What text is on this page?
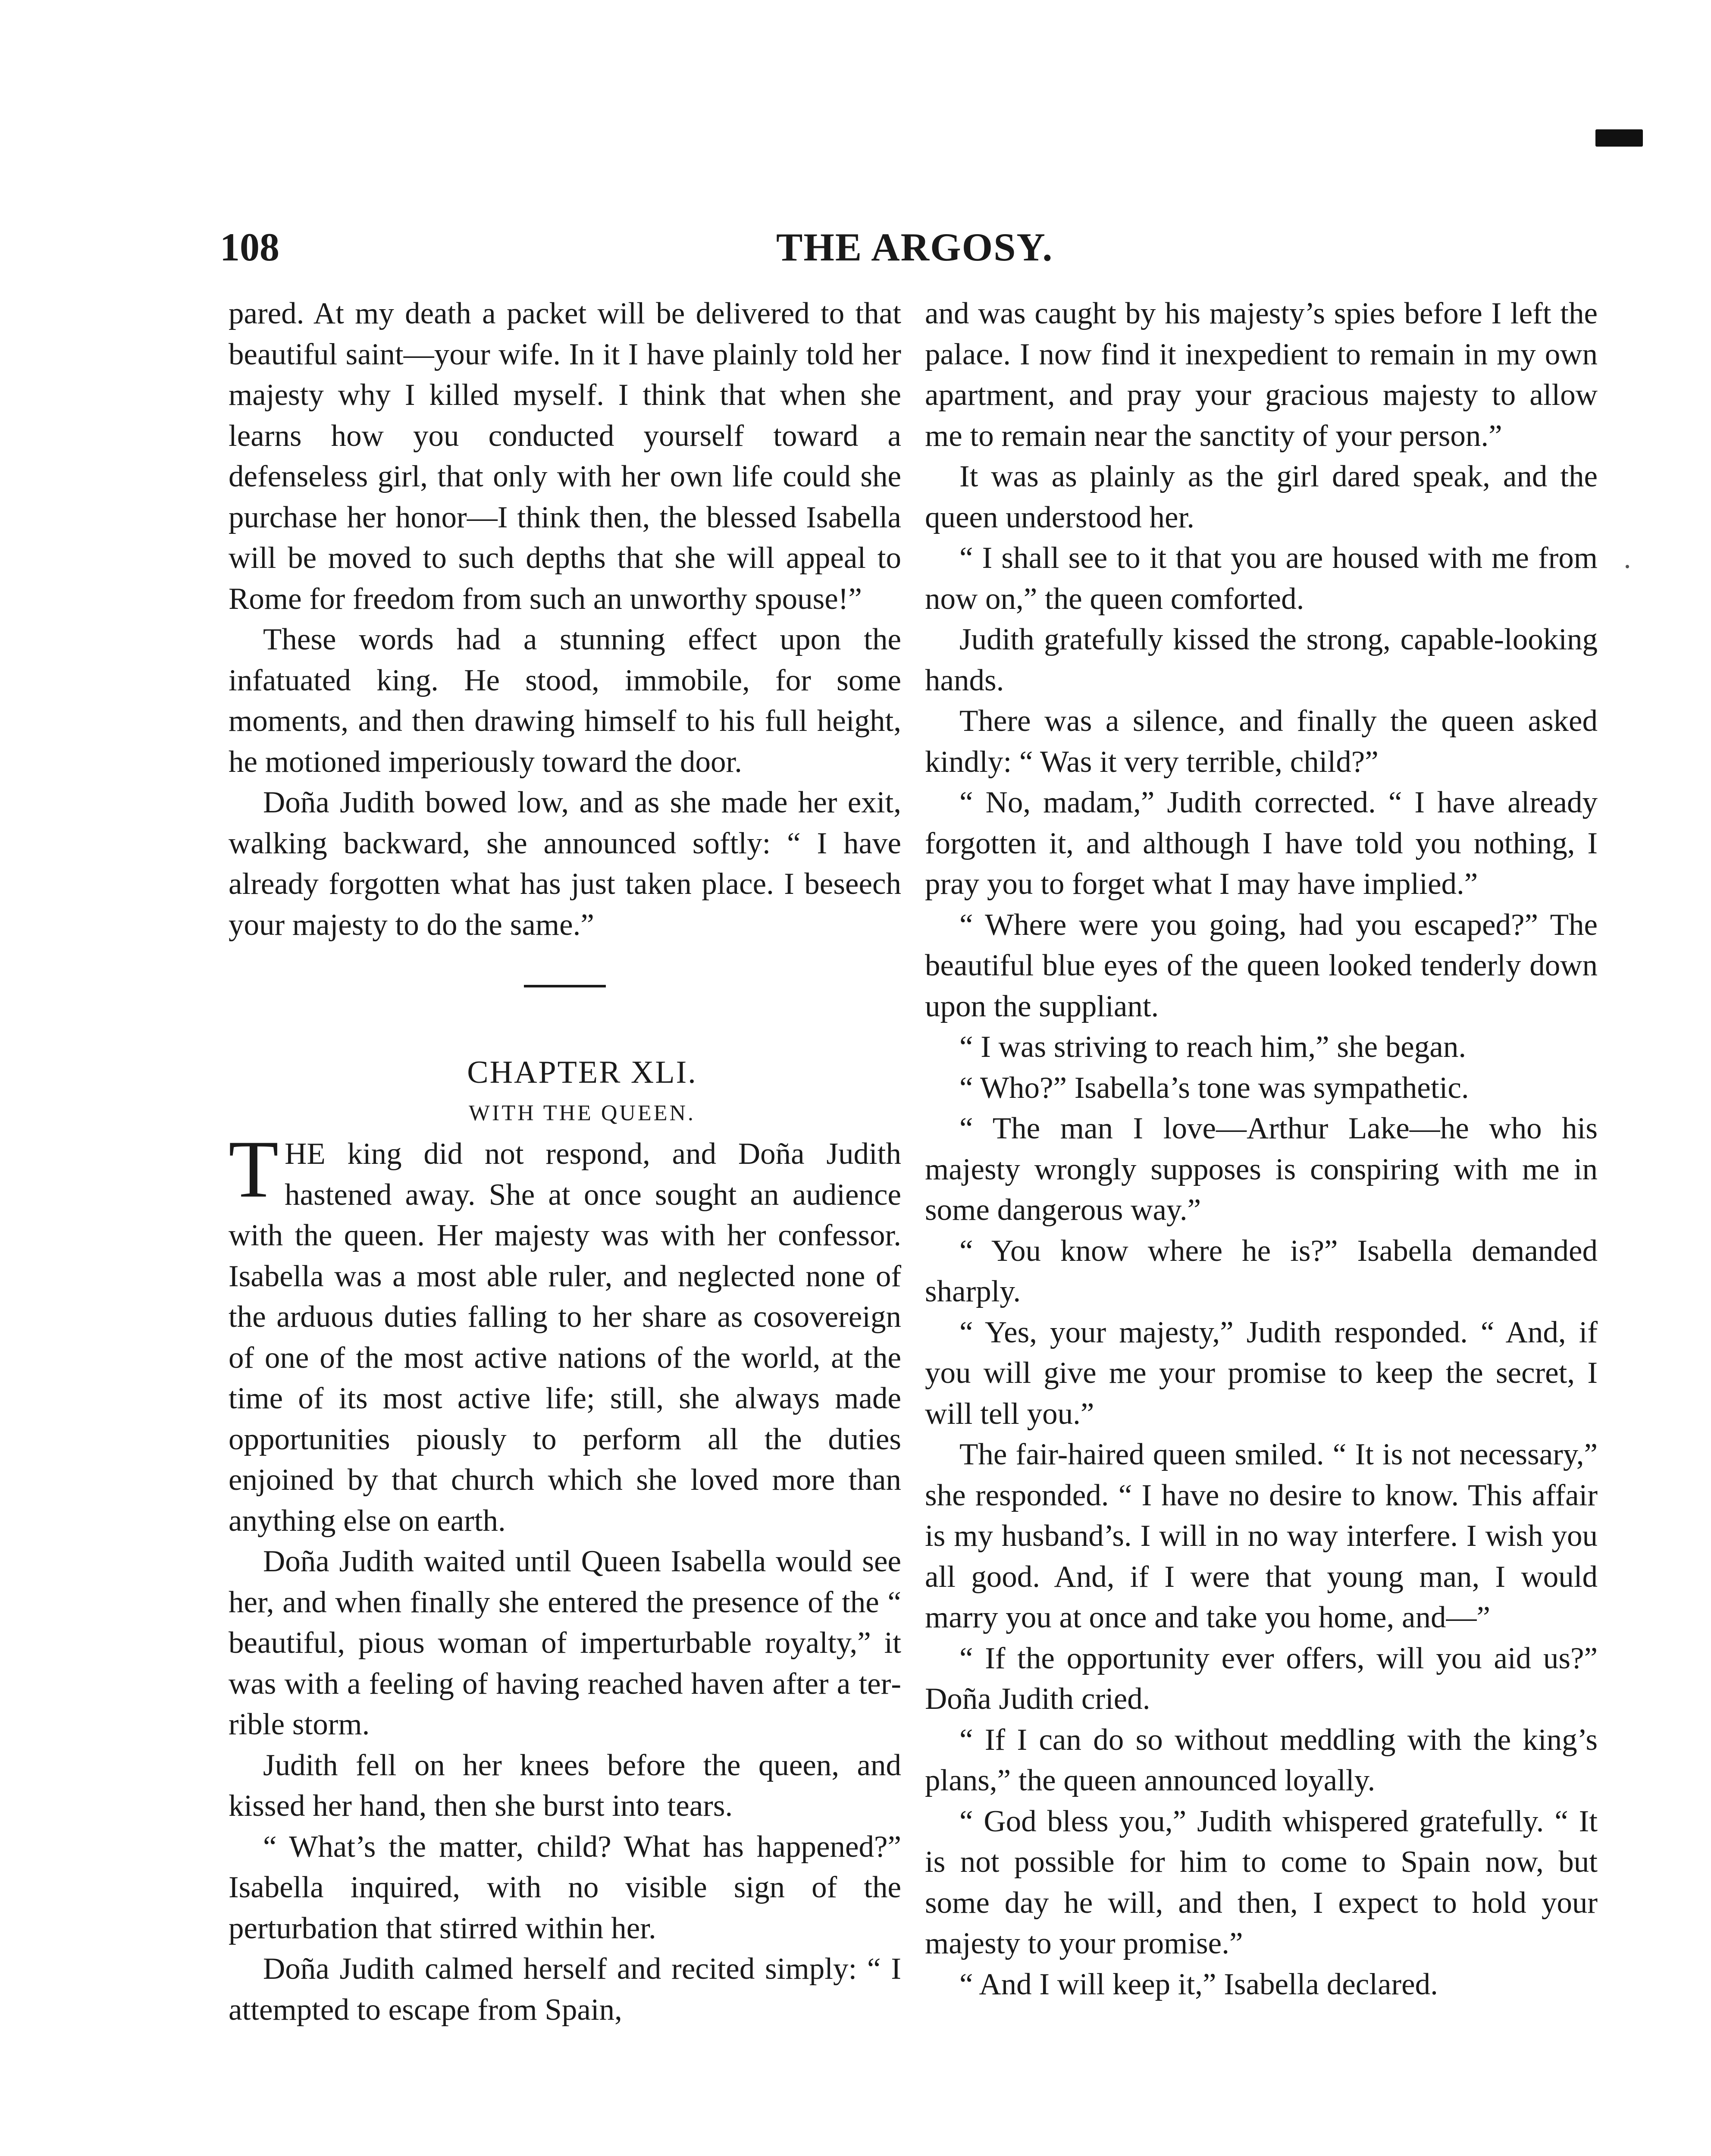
108	THE ARGOSY.

pared. At my death a packet will be delivered to that beautiful saint—your wife. In it I have plainly told her majesty why I killed myself. I think that when she learns how you conducted yourself toward a defenseless girl, that only with her own life could she purchase her honor—I think then, the blessed Isabella will be moved to such depths that she will appeal to Rome for freedom from such an unworthy spouse!”

These words had a stunning effect upon the infatuated king. He stood, immobile, for some moments, and then drawing himself to his full height, he motioned imperiously toward the door.

Doña Judith bowed low, and as she made her exit, walking backward, she announced softly: “ I have already forgotten what has just taken place. I beseech your majesty to do the same.”

CHAPTER XLI.

WITH THE QUEEN.

THE king did not respond, and Doña Judith hastened away. She at once sought an audience with the queen. Her majesty was with her confessor. Isabella was a most able ruler, and neglected none of the arduous duties falling to her share as cosovereign of one of the most active nations of the world, at the time of its most active life; still, she always made opportunities piously to perform all the duties enjoined by that church which she loved more than anything else on earth.

Doña Judith waited until Queen Isabella would see her, and when finally she entered the presence of the “ beautiful, pious woman of imperturbable royalty,” it was with a feeling of having reached haven after a terrible storm.

Judith fell on her knees before the queen, and kissed her hand, then she burst into tears.

“ What’s the matter, child? What has happened?” Isabella inquired, with no visible sign of the perturbation that stirred within her.

Doña Judith calmed herself and recited simply: “ I attempted to escape from Spain,

and was caught by his majesty’s spies before I left the palace. I now find it inexpedient to remain in my own apartment, and pray your gracious majesty to allow me to remain near the sanctity of your person.”

It was as plainly as the girl dared speak, and the queen understood her.

“ I shall see to it that you are housed with me from now on,” the queen comforted.

Judith gratefully kissed the strong, capable-looking hands.

There was a silence, and finally the queen asked kindly: “ Was it very terrible, child?”

“ No, madam,” Judith corrected. “ I have already forgotten it, and although I have told you nothing, I pray you to forget what I may have implied.”

“ Where were you going, had you escaped?” The beautiful blue eyes of the queen looked tenderly down upon the suppliant.

“ I was striving to reach him,” she began.

“ Who?” Isabella’s tone was sympathetic.

“ The man I love—Arthur Lake—he who his majesty wrongly supposes is conspiring with me in some dangerous way.”

“ You know where he is?” Isabella demanded sharply.

“ Yes, your majesty,” Judith responded. “ And, if you will give me your promise to keep the secret, I will tell you.”

The fair-haired queen smiled. “ It is not necessary,” she responded. “ I have no desire to know. This affair is my husband’s. I will in no way interfere. I wish you all good. And, if I were that young man, I would marry you at once and take you home, and—”

“ If the opportunity ever offers, will you aid us?” Doña Judith cried.

“ If I can do so without meddling with the king’s plans,” the queen announced loyally.

“ God bless you,” Judith whispered gratefully. “ It is not possible for him to come to Spain now, but some day he will, and then, I expect to hold your majesty to your promise.”

“ And I will keep it,” Isabella declared.
